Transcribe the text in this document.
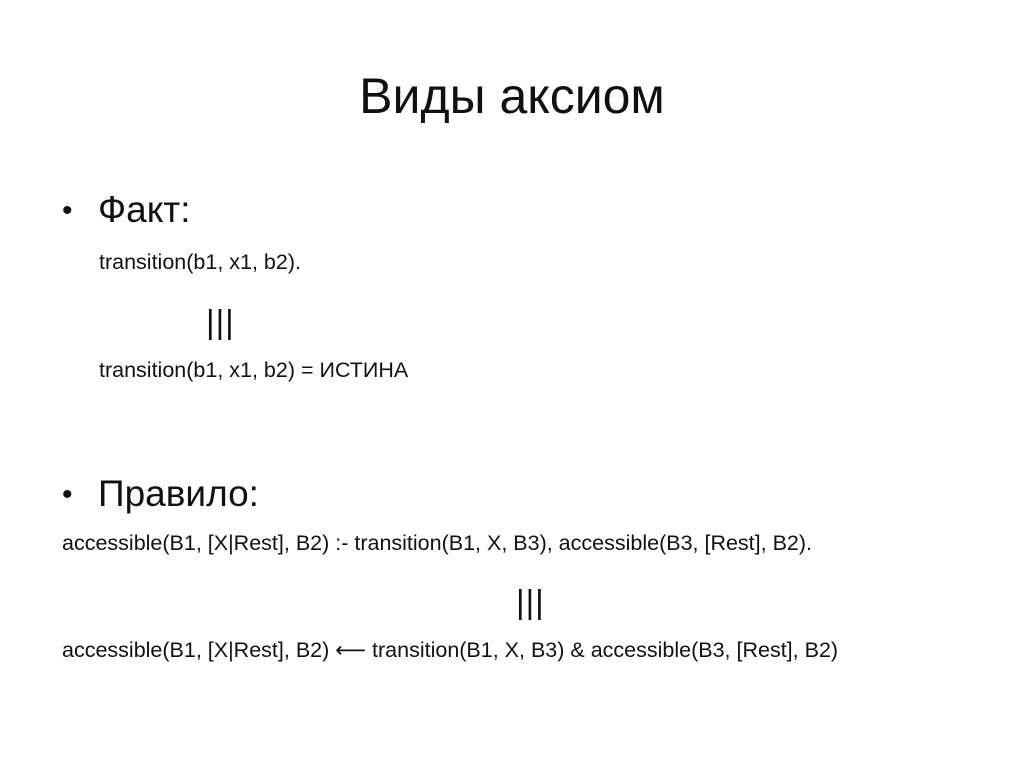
Виды аксиом
• Факт:
transition(b1, x1, b2).
|||
transition(b1, x1, b2) = ИСТИНА
• Правило:
accessible(B1, [X|Rest], B2) :- transition(B1, X, B3), accessible(B3, [Rest], B2).
|||
accessible(B1, [X|Rest], B2) ⟵ transition(B1, X, B3) & accessible(B3, [Rest], B2)
